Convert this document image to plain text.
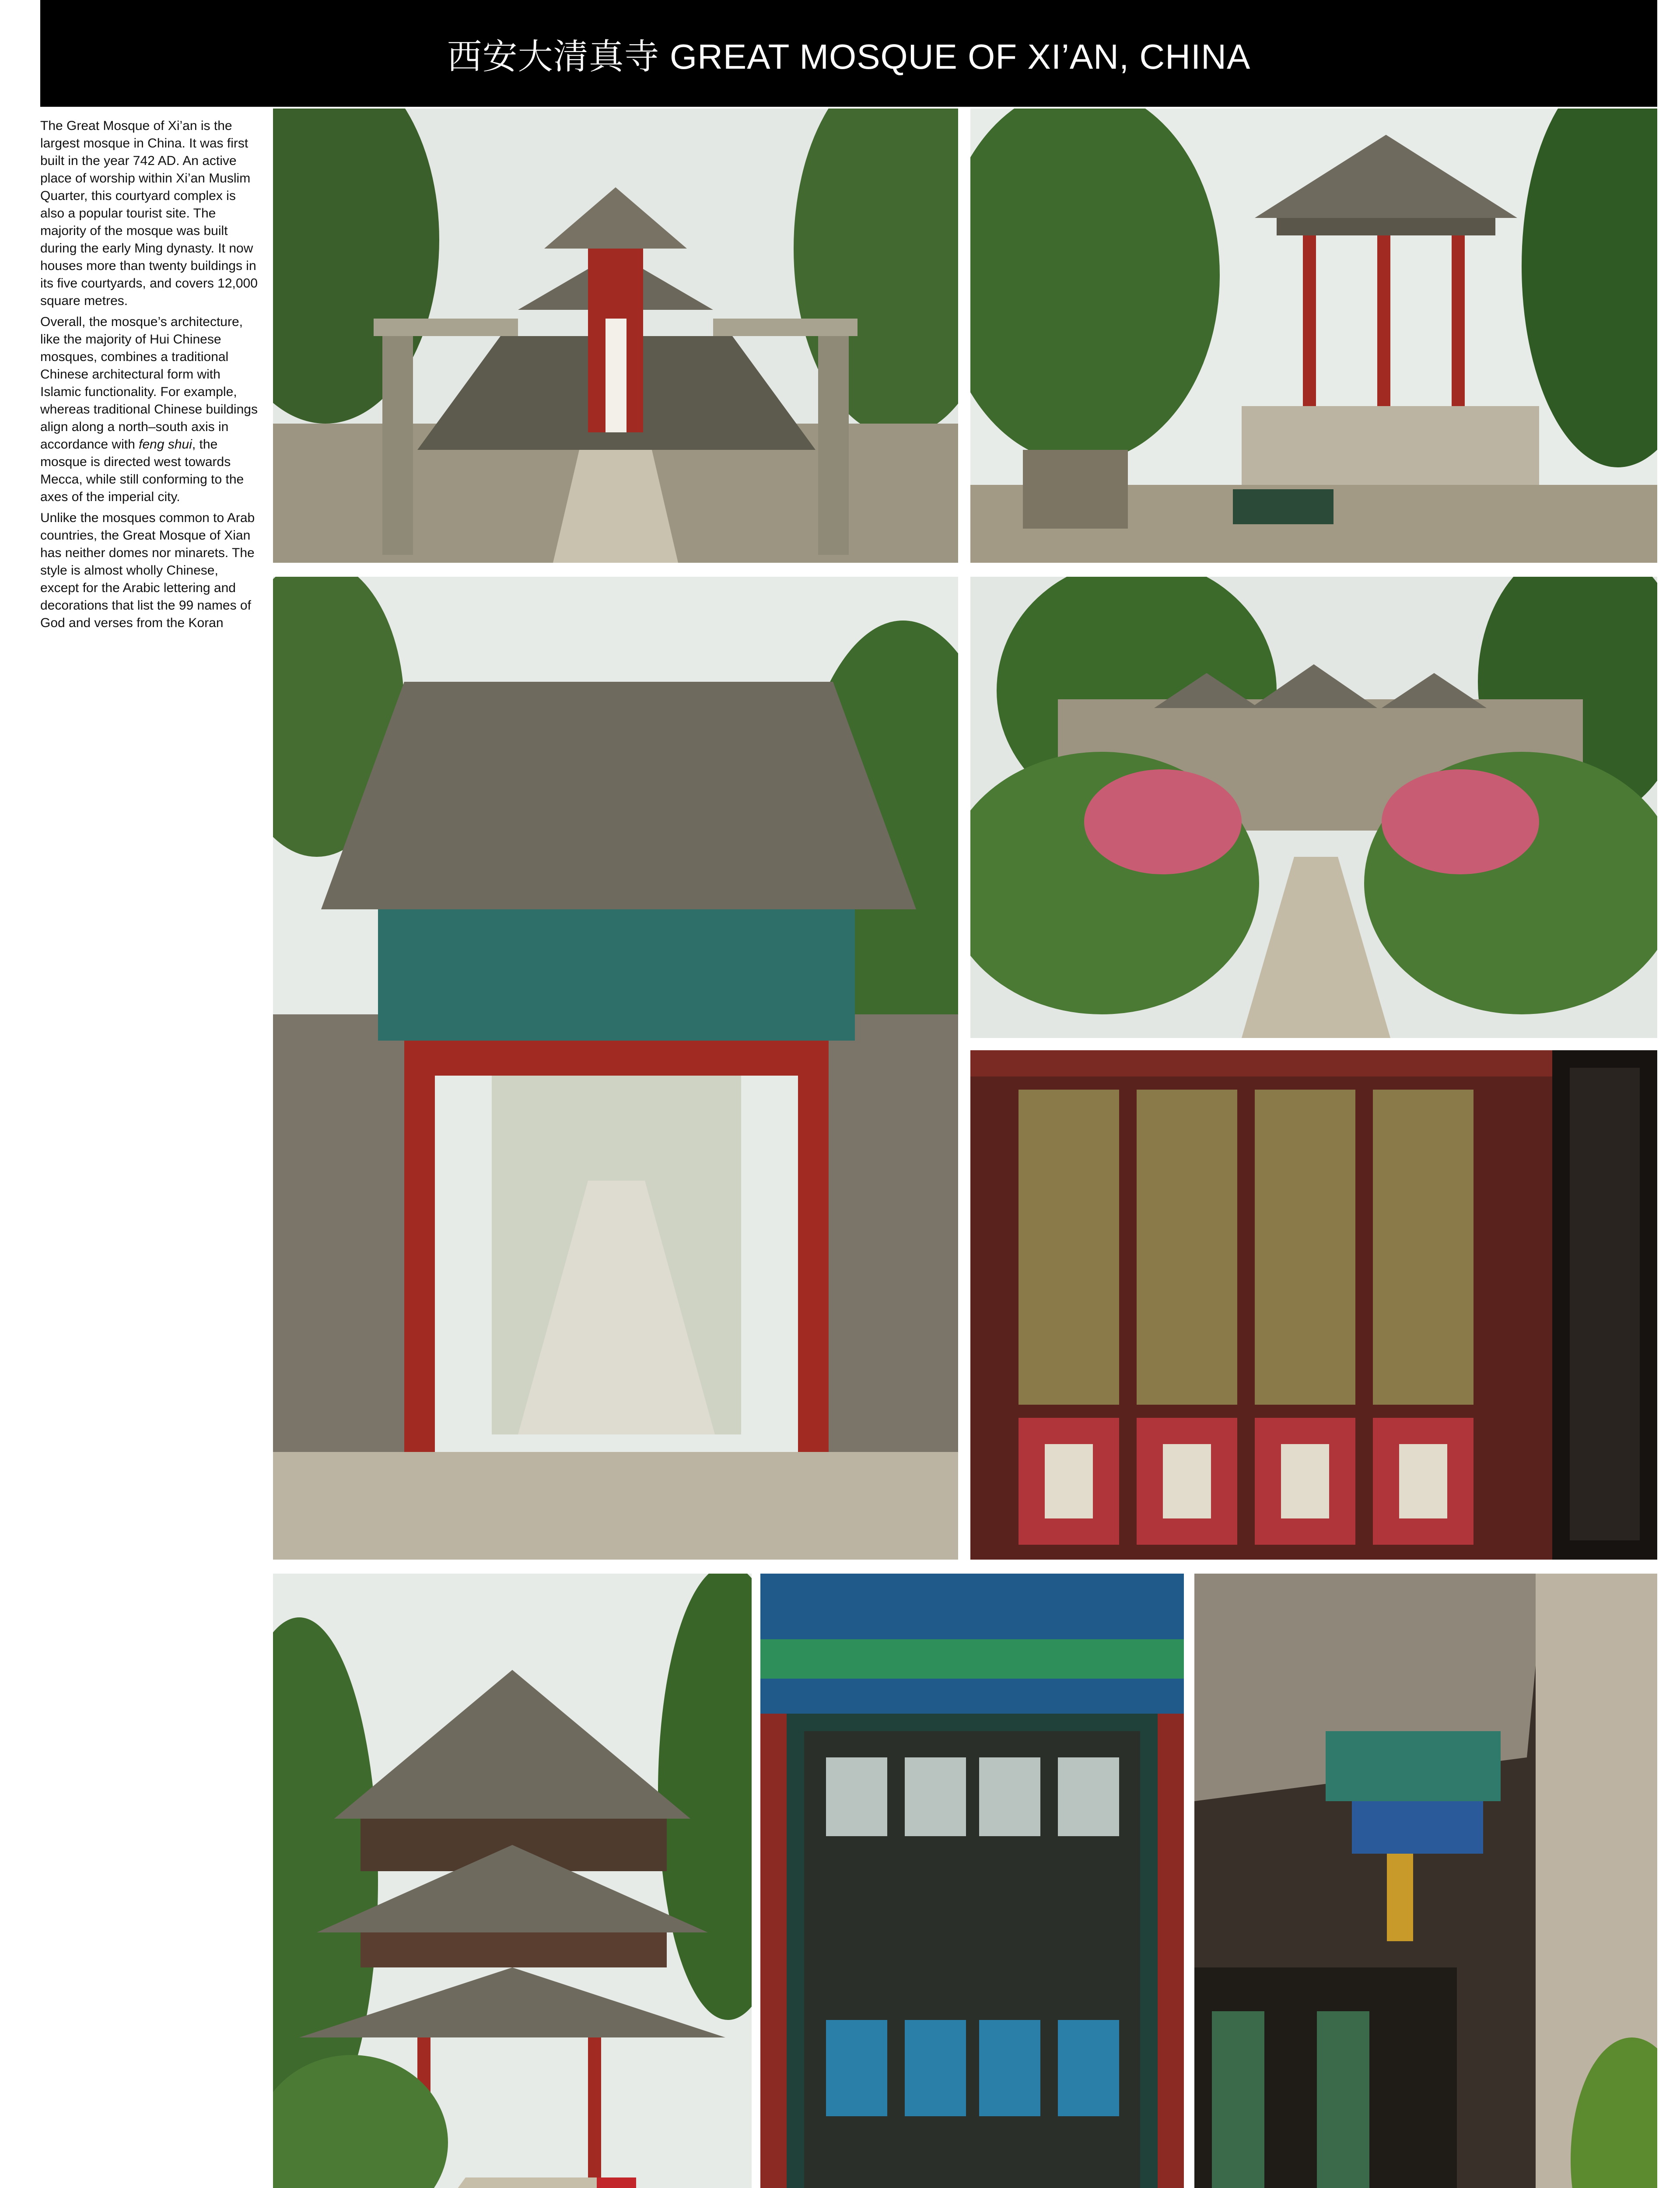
西安大清真寺 GREAT MOSQUE OF XI’AN, CHINA

The Great Mosque of Xi’an is the largest mosque in China. It was first built in the year 742 AD. An active place of worship within Xi’an Muslim Quarter, this courtyard complex is also a popular tourist site. The majority of the mosque was built during the early Ming dynasty. It now houses more than twenty buildings in its five courtyards, and covers 12,000 square metres.

Overall, the mosque’s architecture, like the majority of Hui Chinese mosques, combines a traditional Chinese architectural form with Islamic functionality. For example, whereas traditional Chinese buildings align along a north–south axis in accordance with feng shui, the mosque is directed west towards Mecca, while still conforming to the axes of the imperial city.

Unlike the mosques common to Arab countries, the Great Mosque of Xian has neither domes nor minarets. The style is almost wholly Chinese, except for the Arabic lettering and decorations that list the 99 names of God and verses from the Koran
